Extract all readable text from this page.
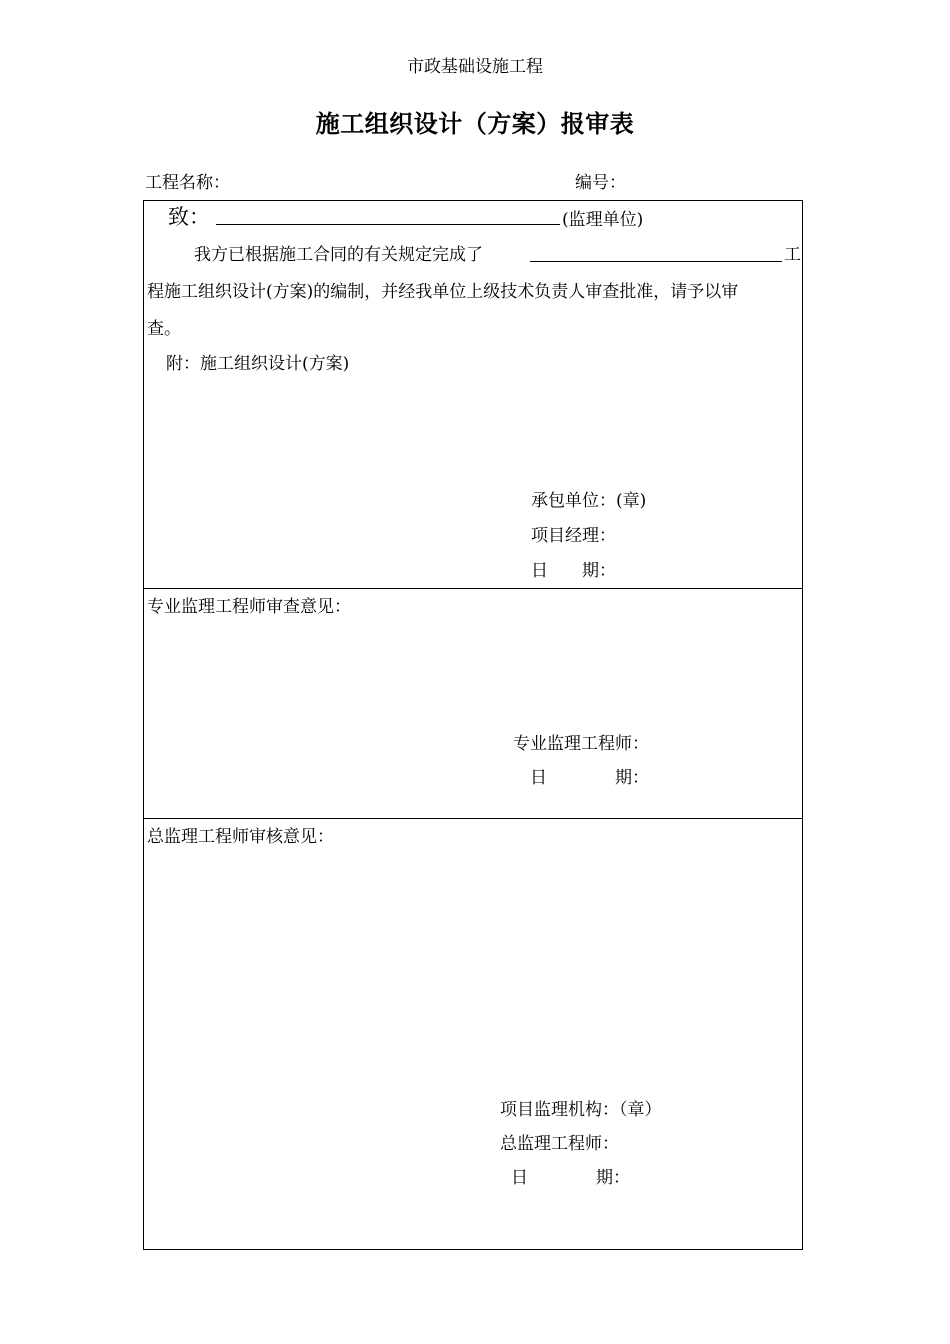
市政基础设施工程
施工组织设计（方案）报审表
工程名称：	编号：
致：	(监理单位)
我方已根据施工合同的有关规定完成了	工
程施工组织设计(方案)的编制，并经我单位上级技术负责人审查批准，请予以审
查。
附：施工组织设计(方案)
承包单位：(章)
项目经理：
日　　期：
专业监理工程师审查意见：
专业监理工程师：
日　　　　期：
总监理工程师审核意见：
项目监理机构：（章）
总监理工程师：
日　　　　期：
